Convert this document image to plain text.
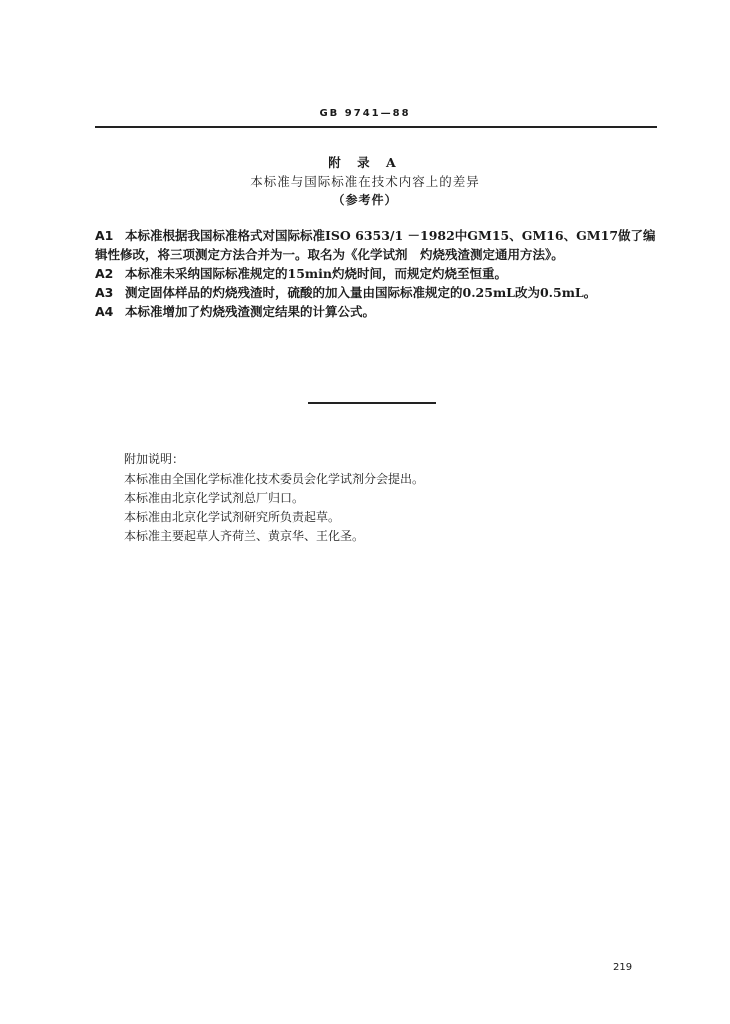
GB 9741—88
附 录 A
本标准与国际标准在技术内容上的差异
（参考件）
A1 本标准根据我国标准格式对国际标准ISO 6353/1 －1982中GM15、GM16、GM17做了编辑性修改，将三项测定方法合并为一。取名为《化学试剂　灼烧残渣测定通用方法》。
A2 本标准未采纳国际标准规定的15min灼烧时间，而规定灼烧至恒重。
A3 测定固体样品的灼烧残渣时，硫酸的加入量由国际标准规定的0.25mL改为0.5mL。
A4 本标准增加了灼烧残渣测定结果的计算公式。
附加说明：
本标准由全国化学标准化技术委员会化学试剂分会提出。
本标准由北京化学试剂总厂归口。
本标准由北京化学试剂研究所负责起草。
本标准主要起草人齐荷兰、黄京华、王化圣。
219
